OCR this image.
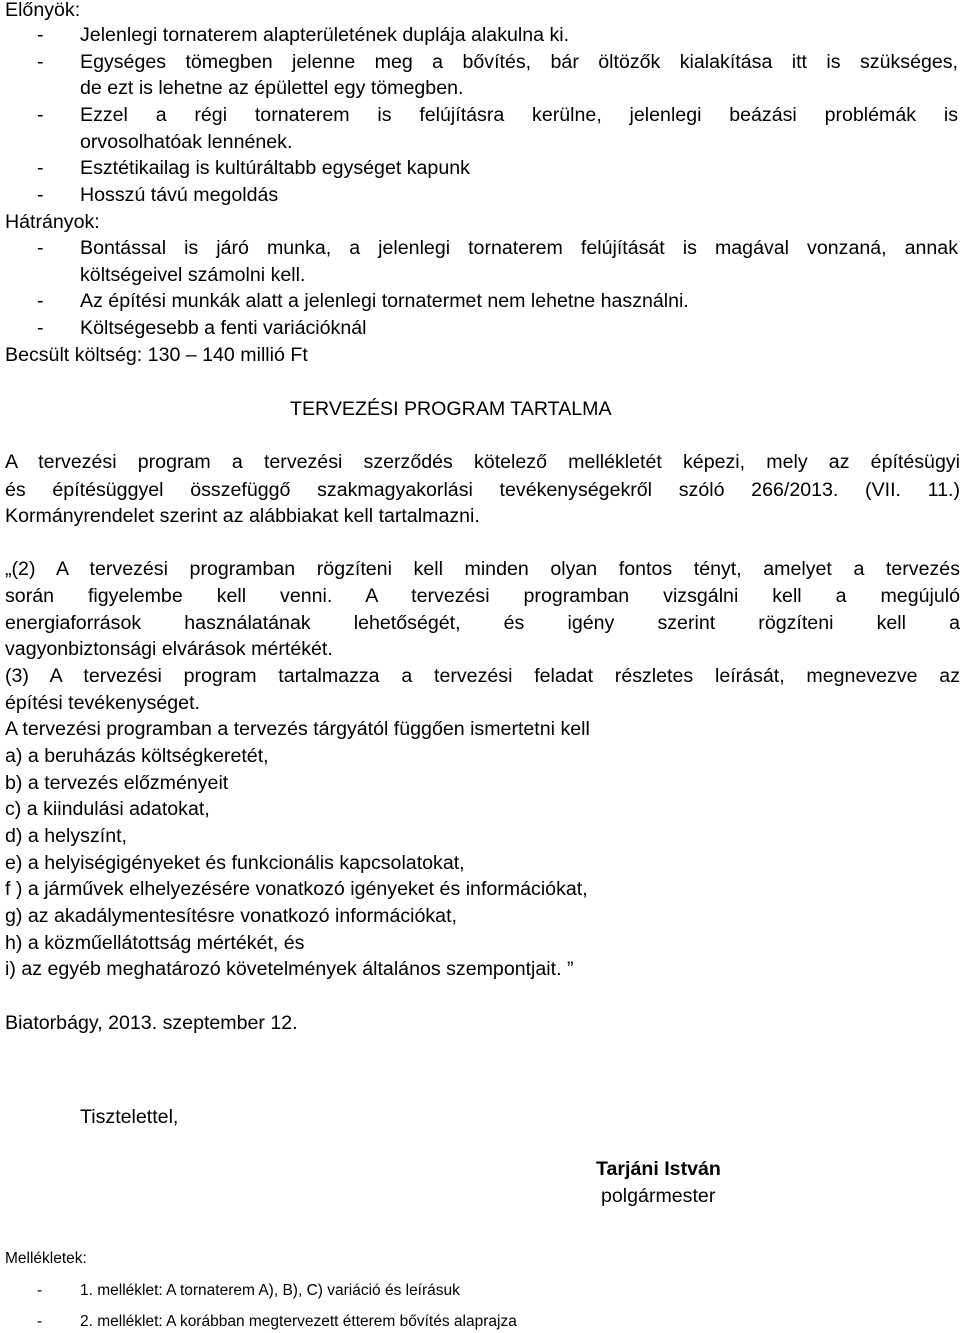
Előnyök:
- Jelenlegi tornaterem alapterületének duplája alakulna ki.
- Egységes tömegben jelenne meg a bővítés, bár öltözők kialakítása itt is szükséges,
de ezt is lehetne az épülettel egy tömegben.
- Ezzel a régi tornaterem is felújításra kerülne, jelenlegi beázási problémák is
orvosolhatóak lennének.
- Esztétikailag is kultúráltabb egységet kapunk
- Hosszú távú megoldás
Hátrányok:
- Bontással is járó munka, a jelenlegi tornaterem felújítását is magával vonzaná, annak
költségeivel számolni kell.
- Az építési munkák alatt a jelenlegi tornatermet nem lehetne használni.
- Költségesebb a fenti variációknál
Becsült költség: 130 – 140 millió Ft
TERVEZÉSI PROGRAM TARTALMA
A tervezési program a tervezési szerződés kötelező mellékletét képezi, mely az építésügyi
és építésüggyel összefüggő szakmagyakorlási tevékenységekről szóló 266/2013. (VII. 11.)
Kormányrendelet szerint az alábbiakat kell tartalmazni.
„(2) A tervezési programban rögzíteni kell minden olyan fontos tényt, amelyet a tervezés
során figyelembe kell venni. A tervezési programban vizsgálni kell a megújuló
energiaforrások használatának lehetőségét, és igény szerint rögzíteni kell a
vagyonbiztonsági elvárások mértékét.
(3) A tervezési program tartalmazza a tervezési feladat részletes leírását, megnevezve az
építési tevékenységet.
A tervezési programban a tervezés tárgyától függően ismertetni kell
a) a beruházás költségkeretét,
b) a tervezés előzményeit
c) a kiindulási adatokat,
d) a helyszínt,
e) a helyiségigényeket és funkcionális kapcsolatokat,
f ) a járművek elhelyezésére vonatkozó igényeket és információkat,
g) az akadálymentesítésre vonatkozó információkat,
h) a közműellátottság mértékét, és
i) az egyéb meghatározó követelmények általános szempontjait. ”
Biatorbágy, 2013. szeptember 12.
Tisztelettel,
Tarjáni István
polgármester
Mellékletek:
- 1. melléklet: A tornaterem A), B), C) variáció és leírásuk
- 2. melléklet: A korábban megtervezett étterem bővítés alaprajza
